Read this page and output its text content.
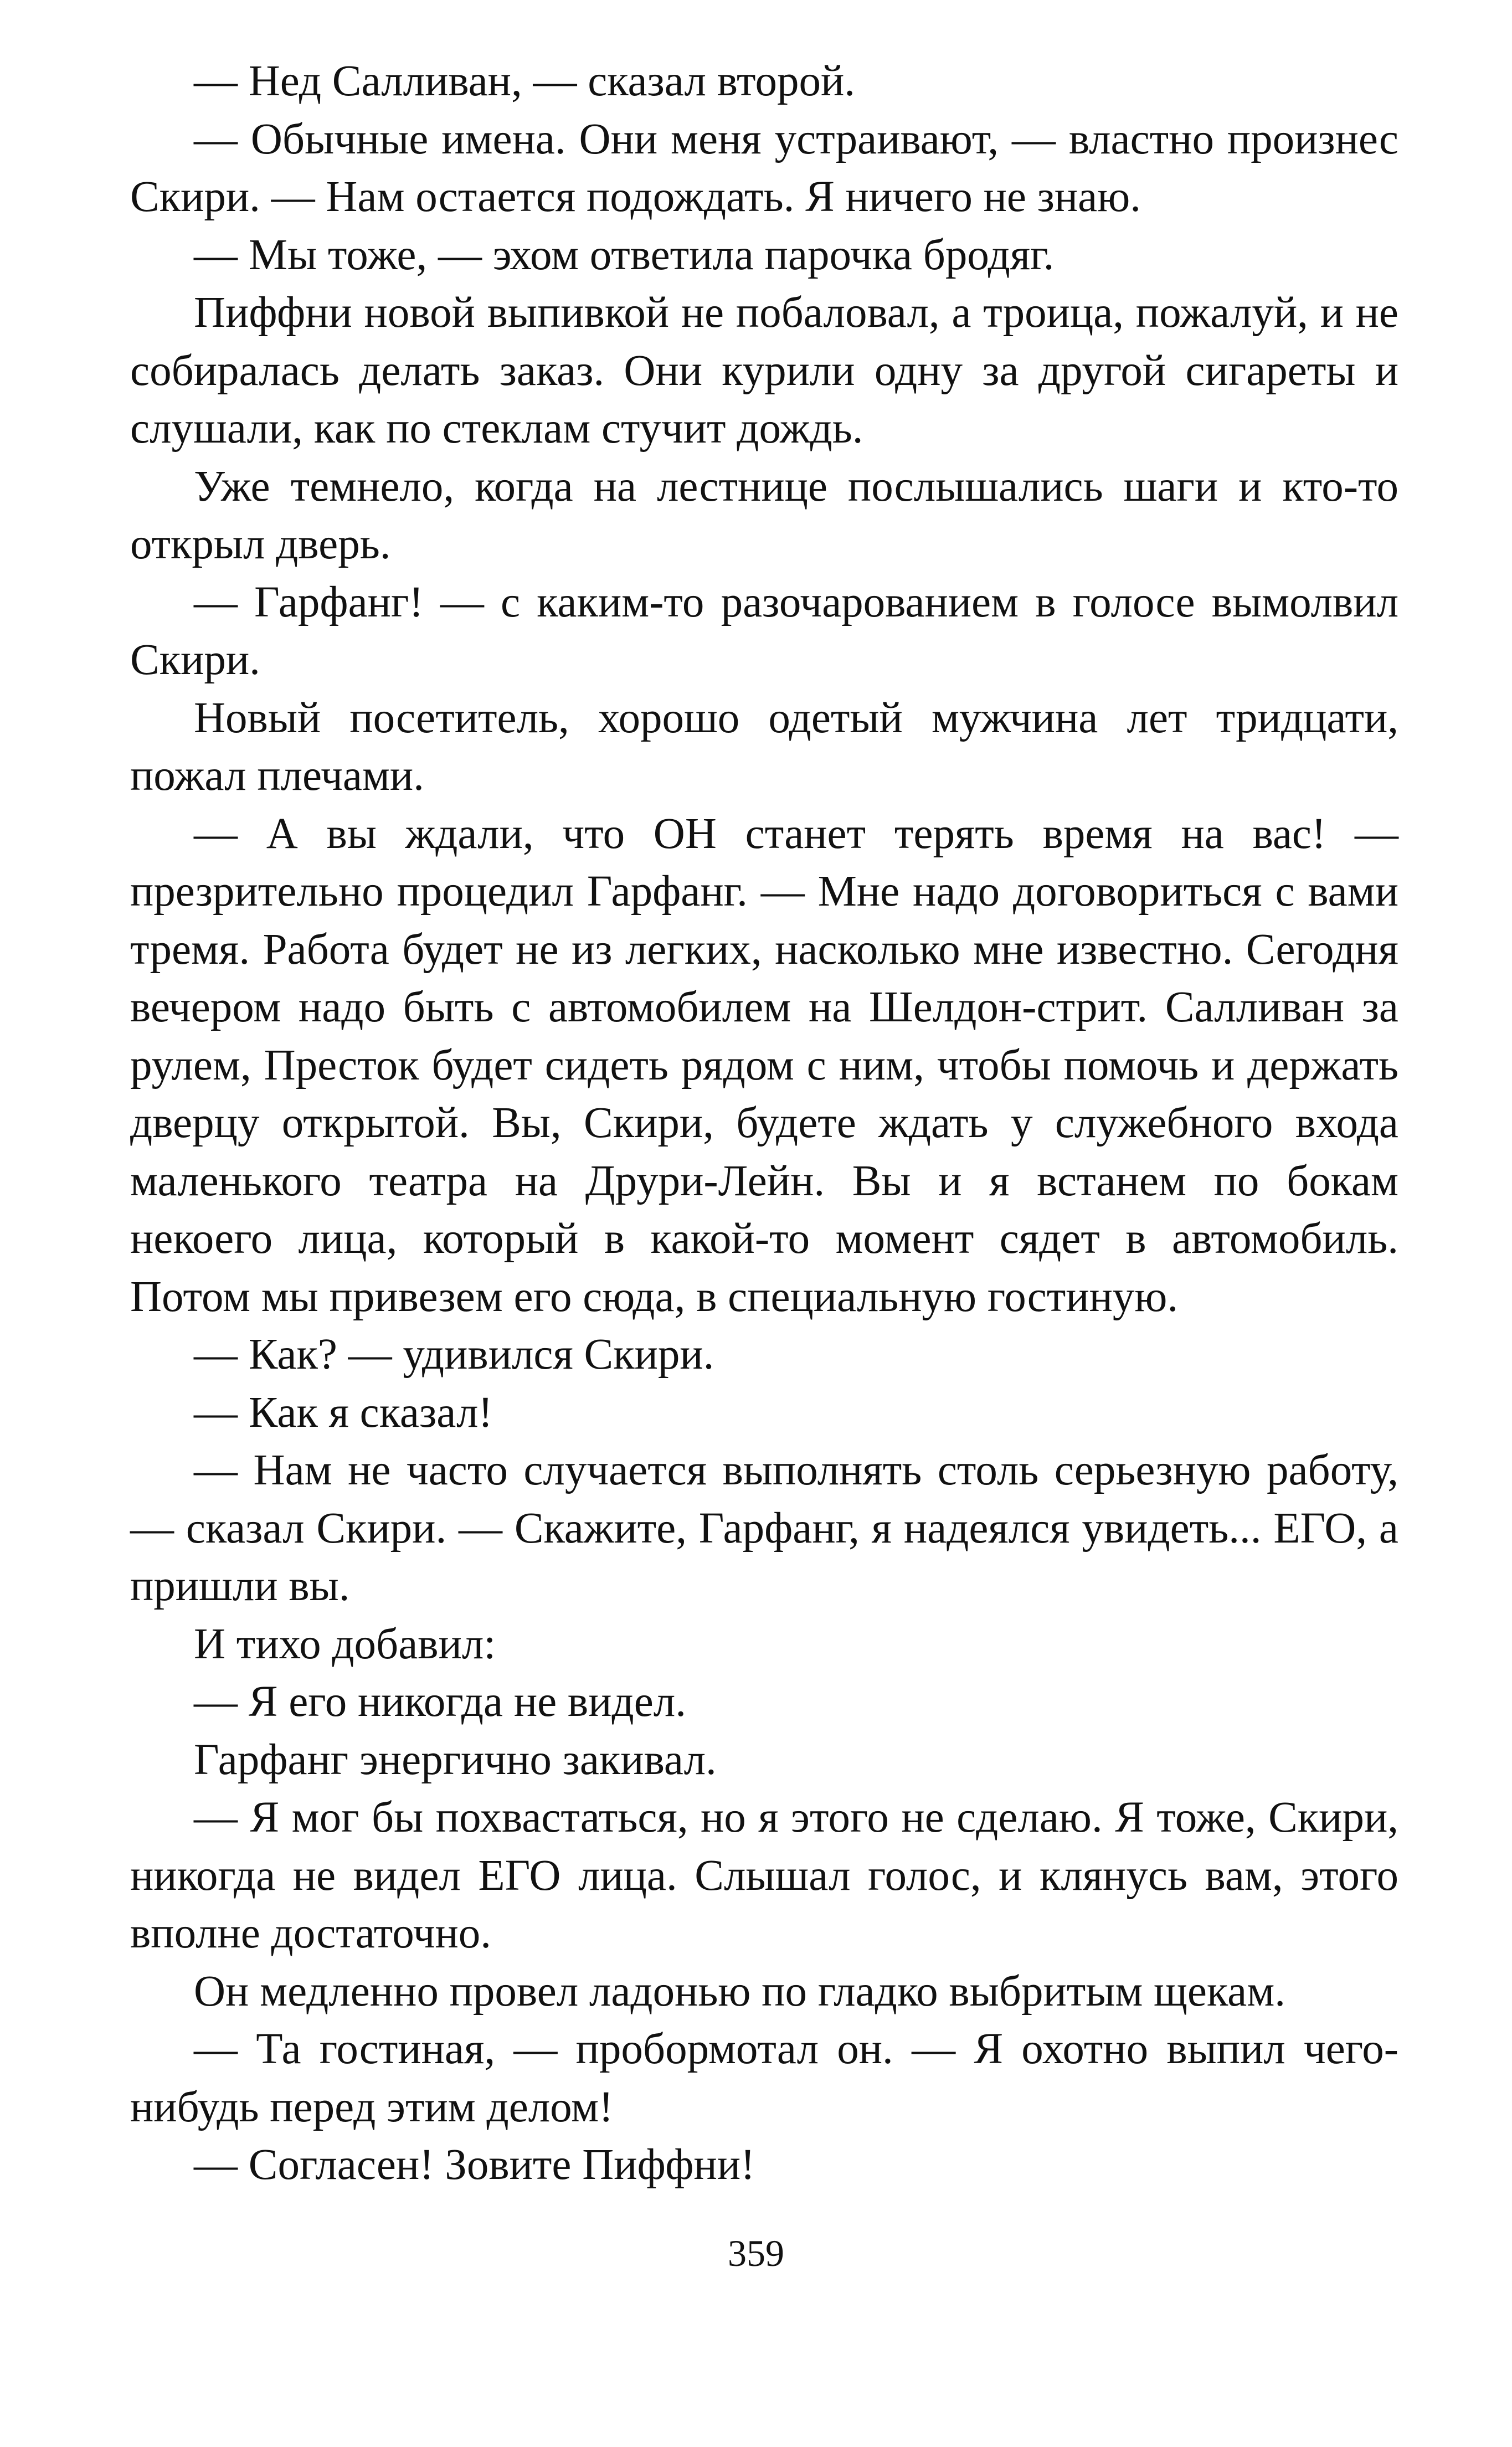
— Нед Салливан, — сказал второй.

— Обычные имена. Они меня устраивают, — властно произнес Скири. — Нам остается подождать. Я ничего не знаю.

— Мы тоже, — эхом ответила парочка бродяг.

Пиффни новой выпивкой не побаловал, а троица, пожалуй, и не собиралась делать заказ. Они курили одну за другой сигареты и слушали, как по стеклам стучит дождь.

Уже темнело, когда на лестнице послышались шаги и кто-то открыл дверь.

— Гарфанг! — с каким-то разочарованием в голосе вымолвил Скири.

Новый посетитель, хорошо одетый мужчина лет тридцати, пожал плечами.

— А вы ждали, что ОН станет терять время на вас! — презрительно процедил Гарфанг. — Мне надо договориться с вами тремя. Работа будет не из легких, насколько мне известно. Сегодня вечером надо быть с автомобилем на Шелдон-стрит. Салливан за рулем, Престок будет сидеть рядом с ним, чтобы помочь и держать дверцу открытой. Вы, Скири, будете ждать у служебного входа маленького театра на Друри-Лейн. Вы и я встанем по бокам некоего лица, который в какой-то момент сядет в автомобиль. Потом мы привезем его сюда, в специальную гостиную.

— Как? — удивился Скири.

— Как я сказал!

— Нам не часто случается выполнять столь серьезную работу, — сказал Скири. — Скажите, Гарфанг, я надеялся увидеть... ЕГО, а пришли вы.

И тихо добавил:

— Я его никогда не видел.

Гарфанг энергично закивал.

— Я мог бы похвастаться, но я этого не сделаю. Я тоже, Скири, никогда не видел ЕГО лица. Слышал голос, и клянусь вам, этого вполне достаточно.

Он медленно провел ладонью по гладко выбритым щекам.

— Та гостиная, — пробормотал он. — Я охотно выпил чего-нибудь перед этим делом!

— Согласен! Зовите Пиффни!

359
